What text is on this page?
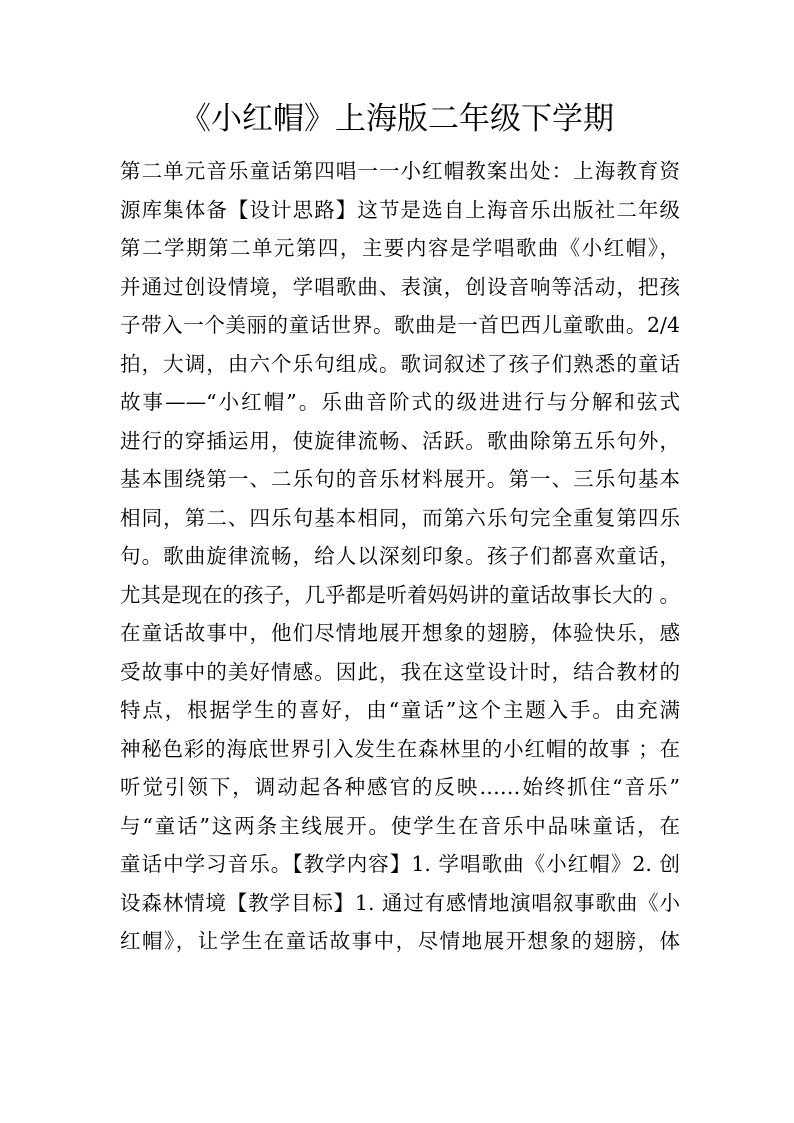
《小红帽》上海版二年级下学期
第二单元音乐童话第四唱一一小红帽教案出处：上海教育资
源库集体备【设计思路】这节是选自上海音乐出版社二年级
第二学期第二单元第四，主要内容是学唱歌曲《小红帽》，
并通过创设情境，学唱歌曲、表演，创设音响等活动，把孩
子带入一个美丽的童话世界。歌曲是一首巴西儿童歌曲。2/4
拍，大调，由六个乐句组成。歌词叙述了孩子们熟悉的童话
故事——“小红帽”。乐曲音阶式的级进进行与分解和弦式
进行的穿插运用，使旋律流畅、活跃。歌曲除第五乐句外，
基本围绕第一、二乐句的音乐材料展开。第一、三乐句基本
相同，第二、四乐句基本相同，而第六乐句完全重复第四乐
句。歌曲旋律流畅，给人以深刻印象。孩子们都喜欢童话，
尤其是现在的孩子，几乎都是听着妈妈讲的童话故事长大的 。
在童话故事中，他们尽情地展开想象的翅膀，体验快乐，感
受故事中的美好情感。因此，我在这堂设计时，结合教材的
特点，根据学生的喜好，由“童话”这个主题入手。由充满
神秘色彩的海底世界引入发生在森林里的小红帽的故事 ；在
听觉引领下，调动起各种感官的反映……始终抓住“音乐”
与“童话”这两条主线展开。使学生在音乐中品味童话，在
童话中学习音乐。【教学内容】1. 学唱歌曲《小红帽》2. 创
设森林情境【教学目标】1. 通过有感情地演唱叙事歌曲《小
红帽》，让学生在童话故事中，尽情地展开想象的翅膀，体
